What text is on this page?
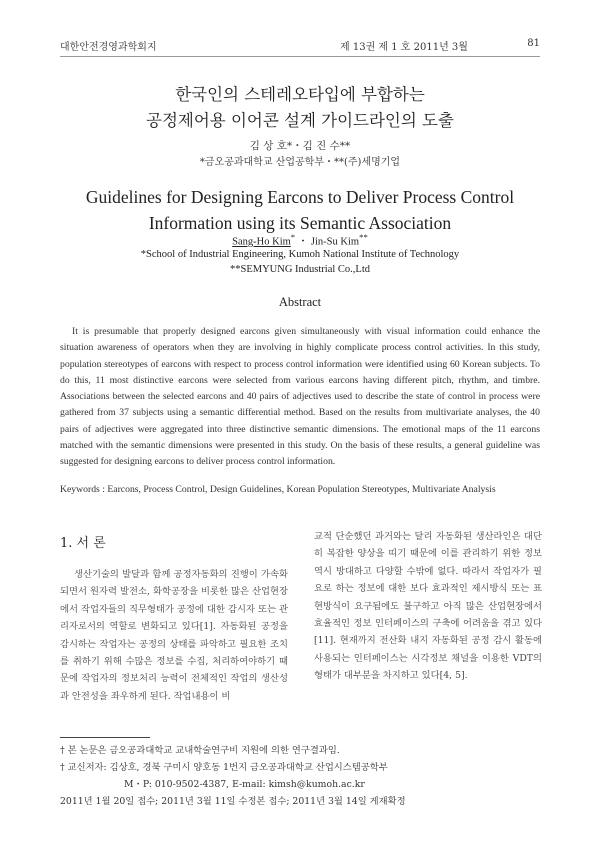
대한안전경영과학회지	제 13권 제 1 호 2011년 3월	81
한국인의 스테레오타입에 부합하는
공정제어용 이어콘 설계 가이드라인의 도출
김 상 호*・김 진 수**
*금오공과대학교 산업공학부・**(주)세명기업
Guidelines for Designing Earcons to Deliver Process Control
Information using its Semantic Association
Sang-Ho Kim* ・ Jin-Su Kim**
*School of Industrial Engineering, Kumoh National Institute of Technology
**SEMYUNG Industrial Co.,Ltd
Abstract
It is presumable that properly designed earcons given simultaneously with visual information could enhance the situation awareness of operators when they are involving in highly complicate process control activities. In this study, population stereotypes of earcons with respect to process control information were identified using 60 Korean subjects. To do this, 11 most distinctive earcons were selected from various earcons having different pitch, rhythm, and timbre. Associations between the selected earcons and 40 pairs of adjectives used to describe the state of control in process were gathered from 37 subjects using a semantic differential method. Based on the results from multivariate analyses, the 40 pairs of adjectives were aggregated into three distinctive semantic dimensions. The emotional maps of the 11 earcons matched with the semantic dimensions were presented in this study. On the basis of these results, a general guideline was suggested for designing earcons to deliver process control information.
Keywords : Earcons, Process Control, Design Guidelines, Korean Population Stereotypes, Multivariate Analysis
1. 서 론
생산기술의 발달과 함께 공정자동화의 진행이 가속화 되면서 원자력 발전소, 화학공장을 비롯한 많은 산업현장에서 작업자들의 직무형태가 공정에 대한 감시자 또는 관리자로서의 역할로 변화되고 있다[1]. 자동화된 공정을 감시하는 작업자는 공정의 상태를 파악하고 필요한 조치를 취하기 위해 수많은 정보를 수집, 처리하여야하기 때문에 작업자의 정보처리 능력이 전체적인 작업의 생산성과 안전성을 좌우하게 된다. 작업내용이 비
교적 단순했던 과거와는 달리 자동화된 생산라인은 대단히 복잡한 양상을 띠기 때문에 이를 관리하기 위한 정보 역시 방대하고 다양할 수밖에 없다. 따라서 작업자가 필요로 하는 정보에 대한 보다 효과적인 제시방식 또는 표현방식이 요구됨에도 불구하고 아직 많은 산업현장에서 효율적인 정보 인터페이스의 구축에 어려움을 겪고 있다[11]. 현재까지 전산화 내지 자동화된 공정 감시 활동에 사용되는 인터페이스는 시각정보 채널을 이용한 VDT의 형태가 대부분을 차지하고 있다[4, 5].
† 본 논문은 금오공과대학교 교내학술연구비 지원에 의한 연구결과임.
† 교신저자: 김상호, 경북 구미시 양호동 1번지 금오공과대학교 산업시스템공학부
M・P: 010-9502-4387, E-mail: kimsh@kumoh.ac.kr
2011년 1월 20일 접수; 2011년 3월 11일 수정본 접수; 2011년 3월 14일 게재확정
